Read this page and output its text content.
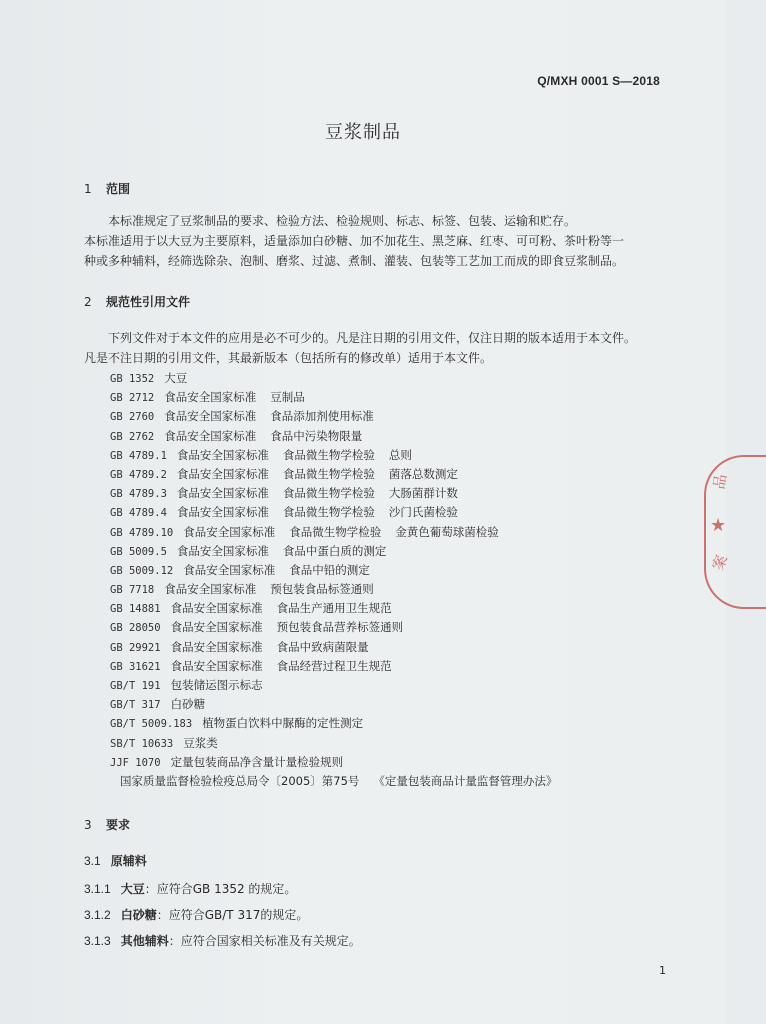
Q/MXH 0001 S—2018
豆浆制品
1 范围
本标准规定了豆浆制品的要求、检验方法、检验规则、标志、标签、包装、运输和贮存。
本标准适用于以大豆为主要原料，适量添加白砂糖、加不加花生、黑芝麻、红枣、可可粉、茶叶粉等一
种或多种辅料，经筛选除杂、泡制、磨浆、过滤、煮制、灌装、包装等工艺加工而成的即食豆浆制品。
2 规范性引用文件
下列文件对于本文件的应用是必不可少的。凡是注日期的引用文件，仅注日期的版本适用于本文件。
凡是不注日期的引用文件，其最新版本（包括所有的修改单）适用于本文件。
GB 1352 大豆
GB 2712 食品安全国家标准 豆制品
GB 2760 食品安全国家标准 食品添加剂使用标准
GB 2762 食品安全国家标准 食品中污染物限量
GB 4789.1 食品安全国家标准 食品微生物学检验 总则
GB 4789.2 食品安全国家标准 食品微生物学检验 菌落总数测定
GB 4789.3 食品安全国家标准 食品微生物学检验 大肠菌群计数
GB 4789.4 食品安全国家标准 食品微生物学检验 沙门氏菌检验
GB 4789.10 食品安全国家标准 食品微生物学检验 金黄色葡萄球菌检验
GB 5009.5 食品安全国家标准 食品中蛋白质的测定
GB 5009.12 食品安全国家标准 食品中铅的测定
GB 7718 食品安全国家标准 预包装食品标签通则
GB 14881 食品安全国家标准 食品生产通用卫生规范
GB 28050 食品安全国家标准 预包装食品营养标签通则
GB 29921 食品安全国家标准 食品中致病菌限量
GB 31621 食品安全国家标准 食品经营过程卫生规范
GB/T 191 包装储运图示标志
GB/T 317 白砂糖
GB/T 5009.183 植物蛋白饮料中脲酶的定性测定
SB/T 10633 豆浆类
JJF 1070 定量包装商品净含量计量检验规则
国家质量监督检验检疫总局令〔2005〕第75号 《定量包装商品计量监督管理办法》
3 要求
3.1 原辅料
3.1.1 大豆：应符合GB 1352 的规定。
3.1.2 白砂糖：应符合GB/T 317的规定。
3.1.3 其他辅料：应符合国家相关标准及有关规定。
1
品
★
案
